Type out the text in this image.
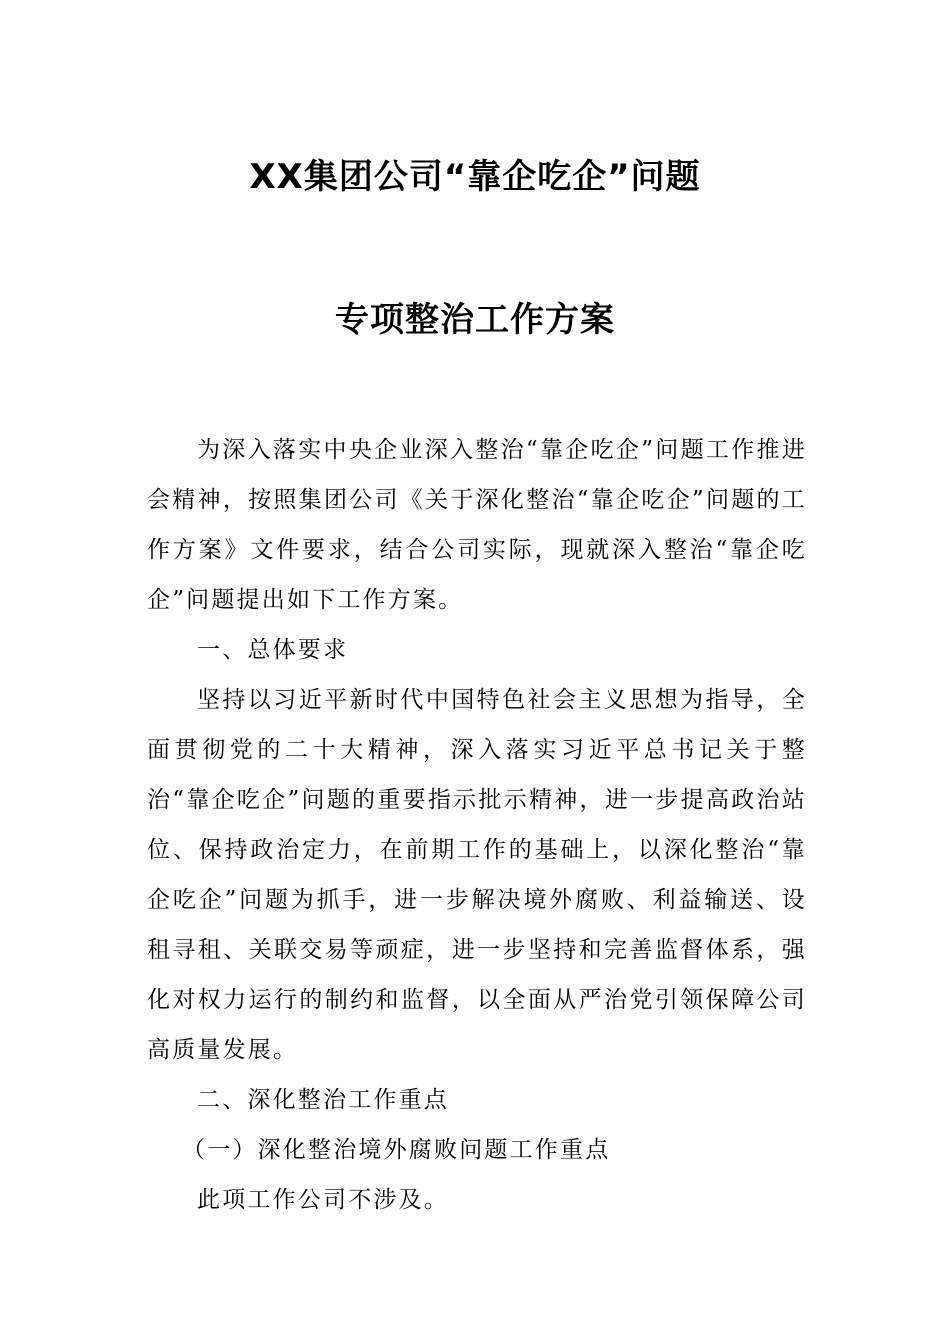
XX集团公司“靠企吃企”问题
专项整治工作方案

为深入落实中央企业深入整治“靠企吃企”问题工作推进会精神，按照集团公司《关于深化整治“靠企吃企”问题的工作方案》文件要求，结合公司实际，现就深入整治“靠企吃企”问题提出如下工作方案。

一、总体要求

坚持以习近平新时代中国特色社会主义思想为指导，全面贯彻党的二十大精神，深入落实习近平总书记关于整治“靠企吃企”问题的重要指示批示精神，进一步提高政治站位、保持政治定力，在前期工作的基础上，以深化整治“靠企吃企”问题为抓手，进一步解决境外腐败、利益输送、设租寻租、关联交易等顽症，进一步坚持和完善监督体系，强化对权力运行的制约和监督，以全面从严治党引领保障公司高质量发展。

二、深化整治工作重点

（一）深化整治境外腐败问题工作重点

此项工作公司不涉及。
